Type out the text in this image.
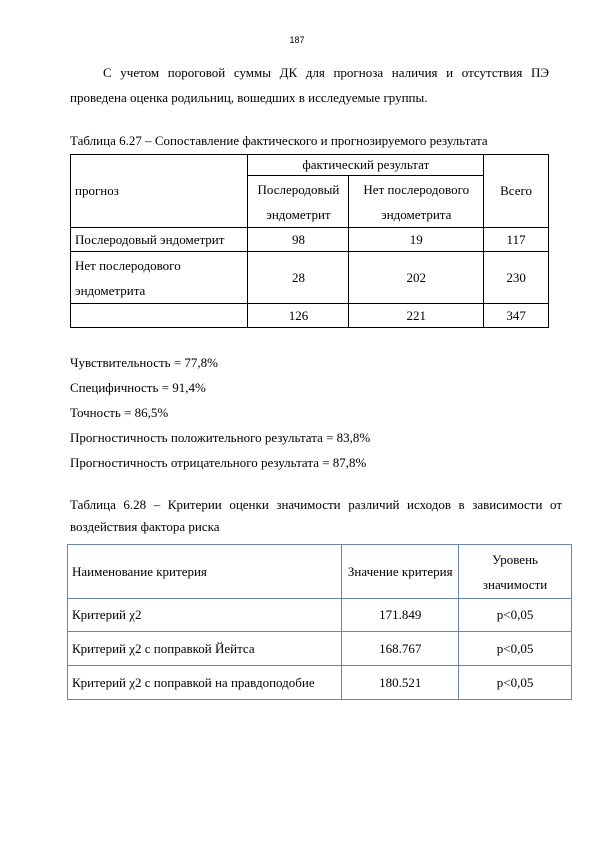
187
С учетом пороговой суммы ДК для прогноза наличия и отсутствия ПЭ
проведена оценка родильниц, вошедших в исследуемые группы.
Таблица 6.27 – Сопоставление фактического и прогнозируемого результата
прогноз	фактический результат		Всего
	Послеродовый эндометрит	Нет послеродового эндометрита	
Послеродовый эндометрит	98	19	117
Нет послеродового эндометрита	28	202	230
	126	221	347
Чувствительность = 77,8%
Специфичность = 91,4%
Точность = 86,5%
Прогностичность положительного результата = 83,8%
Прогностичность отрицательного результата = 87,8%
Таблица 6.28 – Критерии оценки значимости различий исходов в зависимости от воздействия фактора риска
Наименование критерия	Значение критерия	Уровень значимости
Критерий χ2	171.849	p<0,05
Критерий χ2 с поправкой Йейтса	168.767	p<0,05
Критерий χ2 с поправкой на правдоподобие	180.521	p<0,05
